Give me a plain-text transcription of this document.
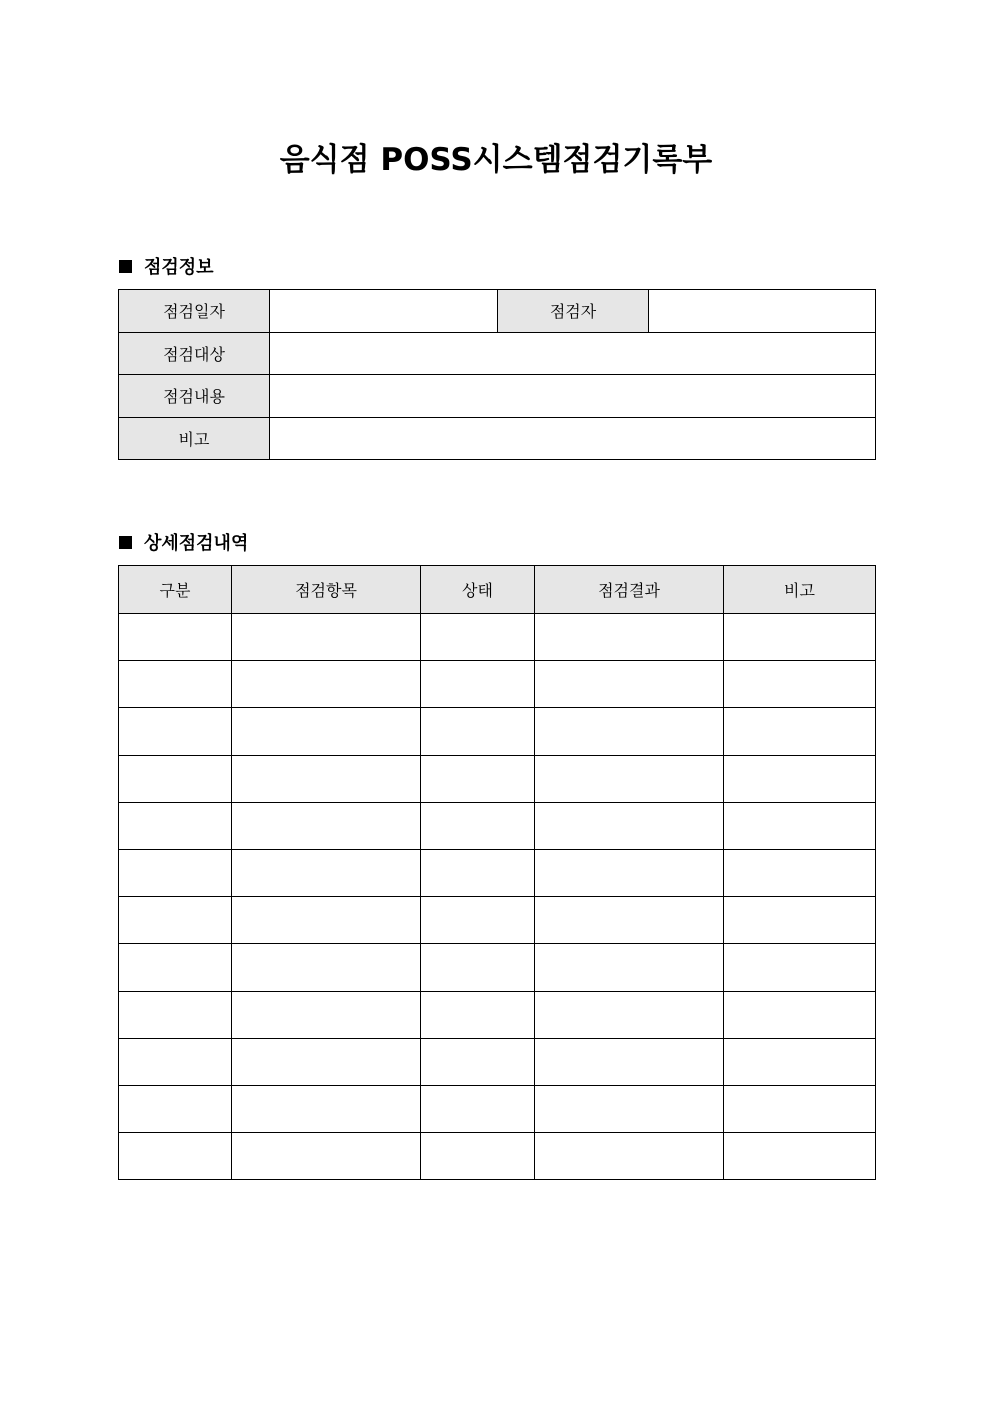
음식점 POSS시스템점검기록부
점검정보
점검일자		점검자	
점검대상			
점검내용			
비고			
상세점검내역
구분	점검항목	상태	점검결과	비고
